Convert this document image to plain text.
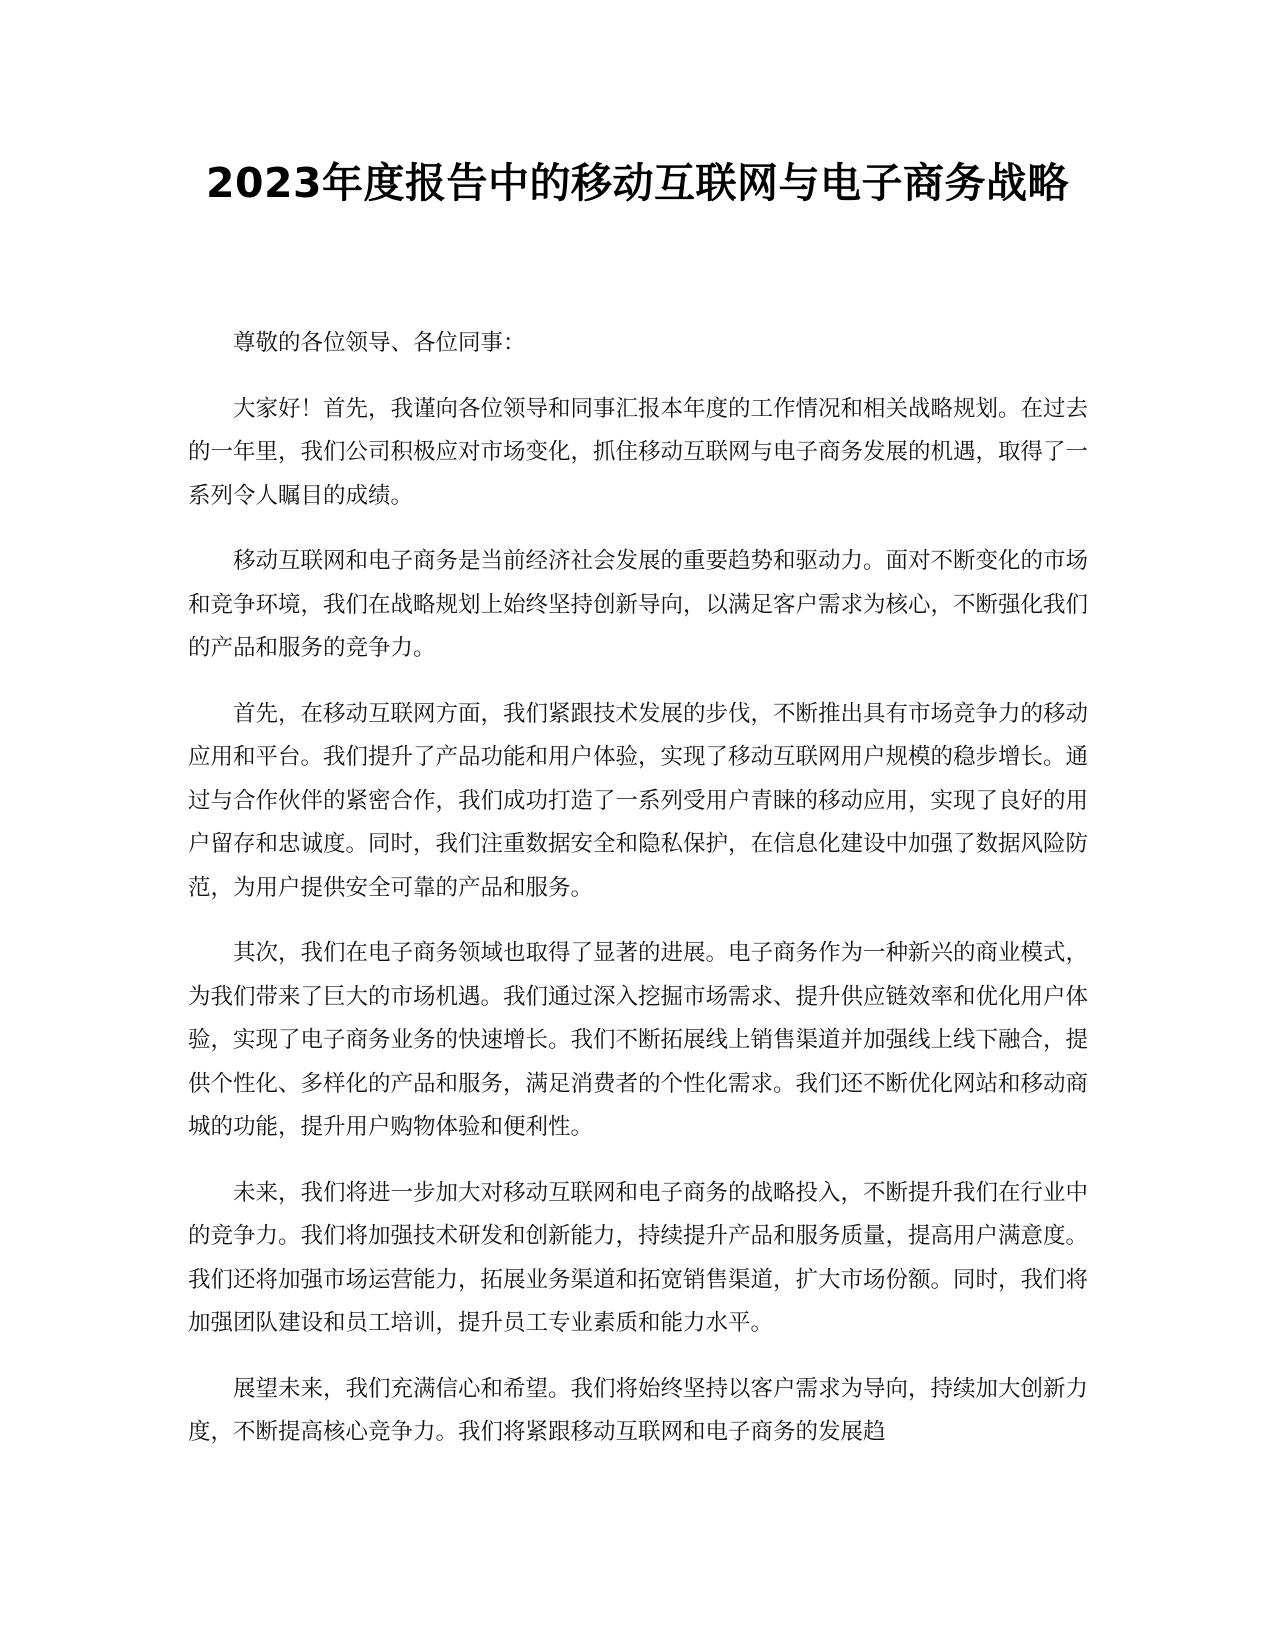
2023年度报告中的移动互联网与电子商务战略

尊敬的各位领导、各位同事：

大家好！首先，我谨向各位领导和同事汇报本年度的工作情况和相关战略规划。在过去的一年里，我们公司积极应对市场变化，抓住移动互联网与电子商务发展的机遇，取得了一系列令人瞩目的成绩。

移动互联网和电子商务是当前经济社会发展的重要趋势和驱动力。面对不断变化的市场和竞争环境，我们在战略规划上始终坚持创新导向，以满足客户需求为核心，不断强化我们的产品和服务的竞争力。

首先，在移动互联网方面，我们紧跟技术发展的步伐，不断推出具有市场竞争力的移动应用和平台。我们提升了产品功能和用户体验，实现了移动互联网用户规模的稳步增长。通过与合作伙伴的紧密合作，我们成功打造了一系列受用户青睐的移动应用，实现了良好的用户留存和忠诚度。同时，我们注重数据安全和隐私保护，在信息化建设中加强了数据风险防范，为用户提供安全可靠的产品和服务。

其次，我们在电子商务领域也取得了显著的进展。电子商务作为一种新兴的商业模式，为我们带来了巨大的市场机遇。我们通过深入挖掘市场需求、提升供应链效率和优化用户体验，实现了电子商务业务的快速增长。我们不断拓展线上销售渠道并加强线上线下融合，提供个性化、多样化的产品和服务，满足消费者的个性化需求。我们还不断优化网站和移动商城的功能，提升用户购物体验和便利性。

未来，我们将进一步加大对移动互联网和电子商务的战略投入，不断提升我们在行业中的竞争力。我们将加强技术研发和创新能力，持续提升产品和服务质量，提高用户满意度。我们还将加强市场运营能力，拓展业务渠道和拓宽销售渠道，扩大市场份额。同时，我们将加强团队建设和员工培训，提升员工专业素质和能力水平。

展望未来，我们充满信心和希望。我们将始终坚持以客户需求为导向，持续加大创新力度，不断提高核心竞争力。我们将紧跟移动互联网和电子商务的发展趋
